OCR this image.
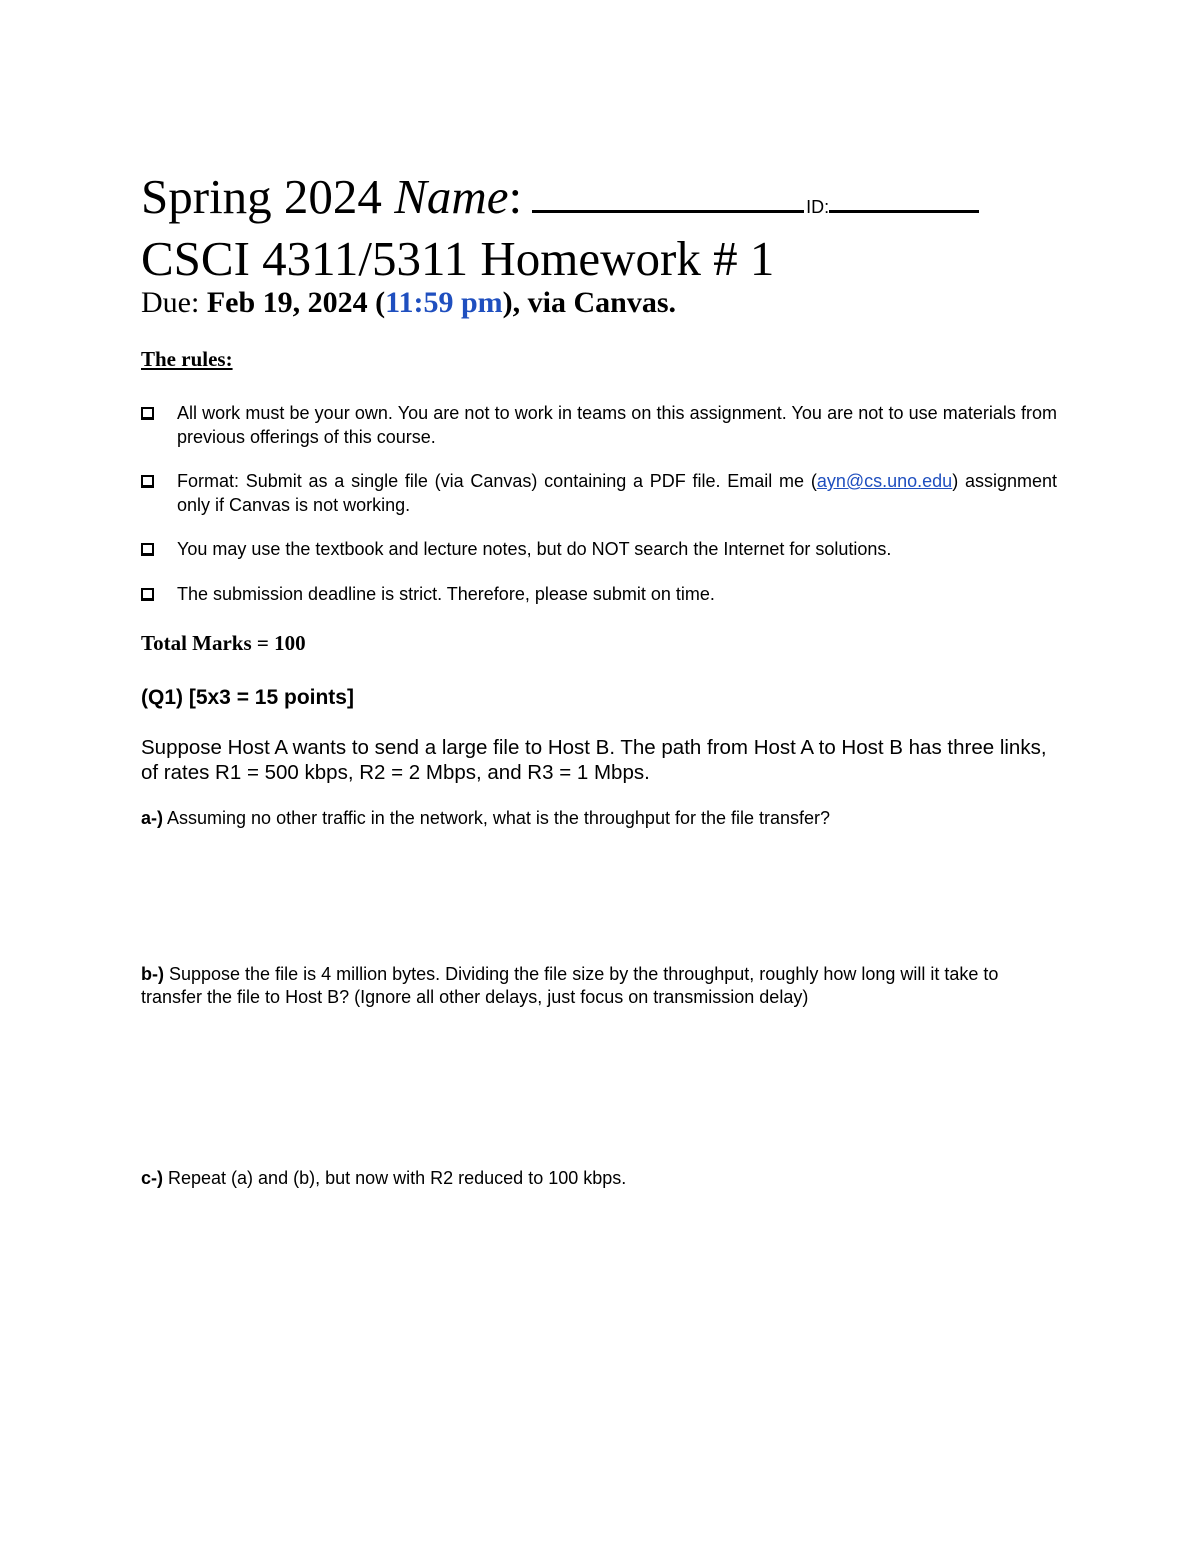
Spring 2024 Name:	ID:
CSCI 4311/5311 Homework # 1
Due: Feb 19, 2024 (11:59 pm), via Canvas.
The rules:
All work must be your own. You are not to work in teams on this assignment. You are not to use materials from previous offerings of this course.
Format: Submit as a single file (via Canvas) containing a PDF file. Email me (ayn@cs.uno.edu) assignment only if Canvas is not working.
You may use the textbook and lecture notes, but do NOT search the Internet for solutions.
The submission deadline is strict. Therefore, please submit on time.
Total Marks = 100
(Q1) [5x3 = 15 points]
Suppose Host A wants to send a large file to Host B. The path from Host A to Host B has three links, of rates R1 = 500 kbps, R2 = 2 Mbps, and R3 = 1 Mbps.
a-) Assuming no other traffic in the network, what is the throughput for the file transfer?
b-) Suppose the file is 4 million bytes. Dividing the file size by the throughput, roughly how long will it take to transfer the file to Host B? (Ignore all other delays, just focus on transmission delay)
c-) Repeat (a) and (b), but now with R2 reduced to 100 kbps.
